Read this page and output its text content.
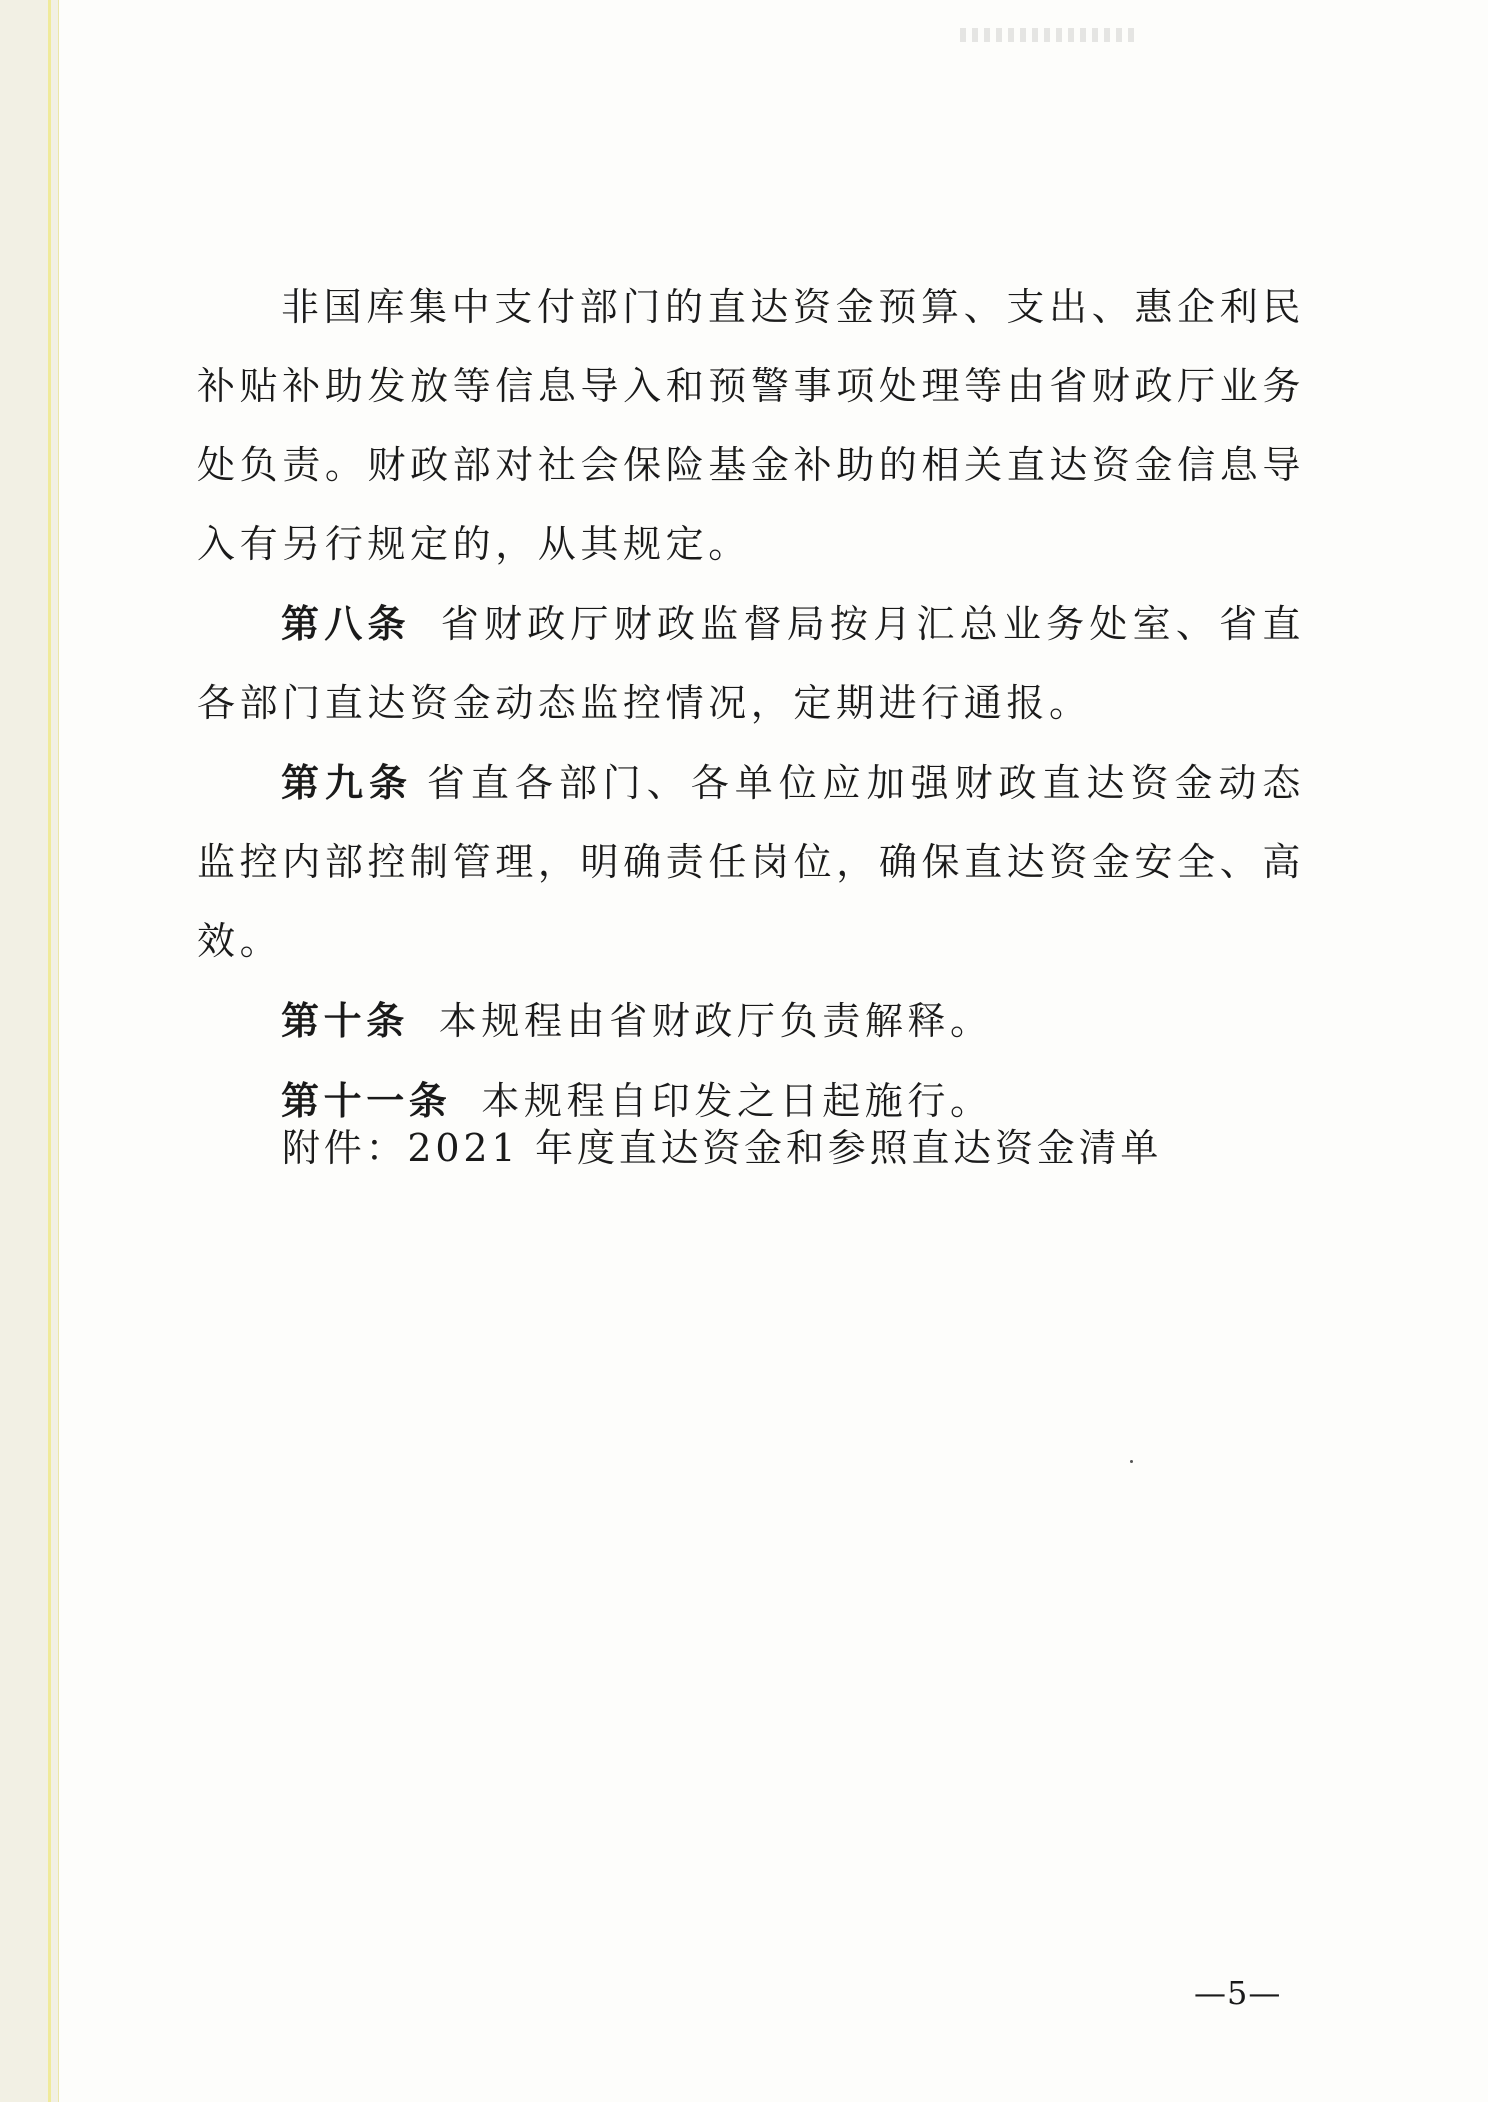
非国库集中支付部门的直达资金预算、支出、惠企利民补贴补助发放等信息导入和预警事项处理等由省财政厅业务处负责。财政部对社会保险基金补助的相关直达资金信息导入有另行规定的，从其规定。

第八条 省财政厅财政监督局按月汇总业务处室、省直各部门直达资金动态监控情况，定期进行通报。

第九条 省直各部门、各单位应加强财政直达资金动态监控内部控制管理，明确责任岗位，确保直达资金安全、高效。

第十条 本规程由省财政厅负责解释。

第十一条 本规程自印发之日起施行。

附件：2021 年度直达资金和参照直达资金清单
—5—
